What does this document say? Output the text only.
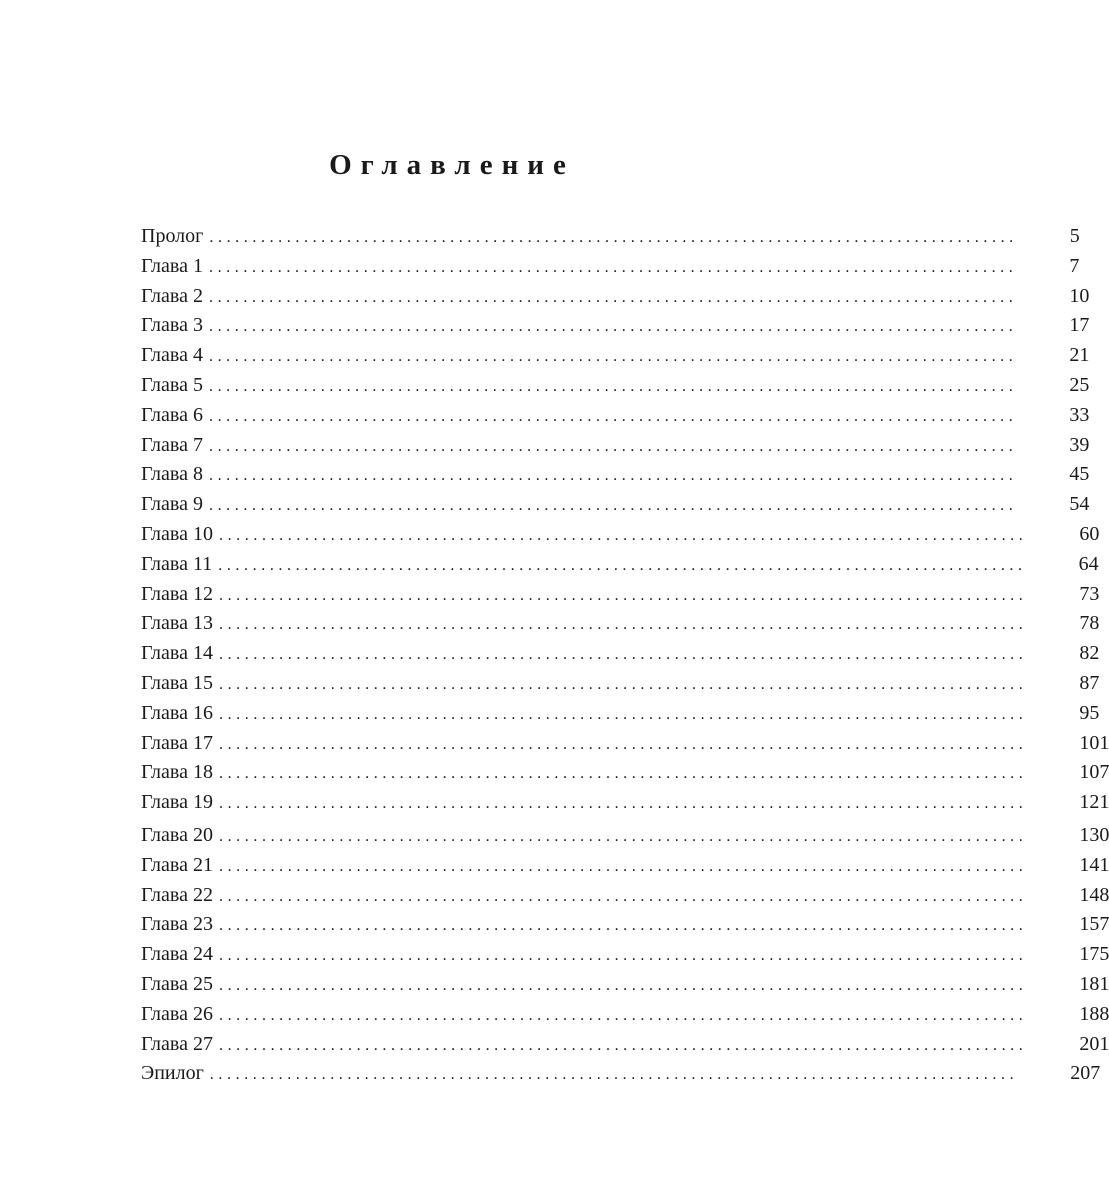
Оглавление
Пролог ..............................................................................................	5
Глава 1 ..............................................................................................	7
Глава 2 ..............................................................................................	10
Глава 3 ..............................................................................................	17
Глава 4 ..............................................................................................	21
Глава 5 ..............................................................................................	25
Глава 6 ..............................................................................................	33
Глава 7 ..............................................................................................	39
Глава 8 ..............................................................................................	45
Глава 9 ..............................................................................................	54
Глава 10 ..............................................................................................	60
Глава 11 ..............................................................................................	64
Глава 12 ..............................................................................................	73
Глава 13 ..............................................................................................	78
Глава 14 ..............................................................................................	82
Глава 15 ..............................................................................................	87
Глава 16 ..............................................................................................	95
Глава 17 ..............................................................................................	101
Глава 18 ..............................................................................................	107
Глава 19 ..............................................................................................	121
Глава 20 ..............................................................................................	130
Глава 21 ..............................................................................................	141
Глава 22 ..............................................................................................	148
Глава 23 ..............................................................................................	157
Глава 24 ..............................................................................................	175
Глава 25 ..............................................................................................	181
Глава 26 ..............................................................................................	188
Глава 27 ..............................................................................................	201
Эпилог ..............................................................................................	207
